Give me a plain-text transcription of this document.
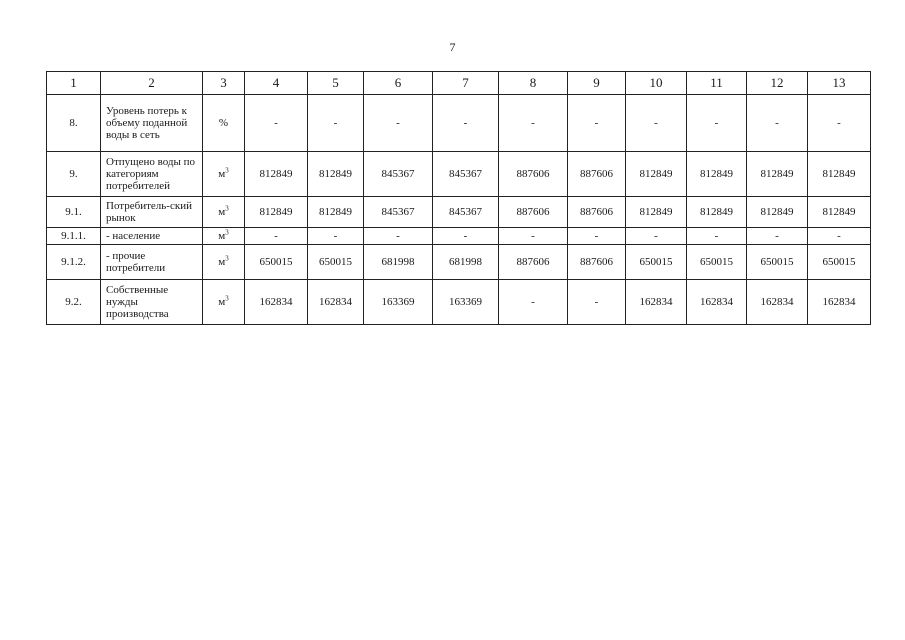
7
1	2	3	4	5	6	7	8	9	10	11	12	13
8.	Уровень потерь к объему поданной воды в сеть	%	-	-	-	-	-	-	-	-	-	-
9.	Отпущено воды по категориям потребителей	$м^3$	812849	812849	845367	845367	887606	887606	812849	812849	812849	812849
9.1.	Потребитель-ский рынок	$м^3$	812849	812849	845367	845367	887606	887606	812849	812849	812849	812849
9.1.1.	- население	$м^3$	-	-	-	-	-	-	-	-	-	-
9.1.2.	- прочие потребители	$м^3$	650015	650015	681998	681998	887606	887606	650015	650015	650015	650015
9.2.	Собственные нужды производства	$м^3$	162834	162834	163369	163369	-	-	162834	162834	162834	162834
